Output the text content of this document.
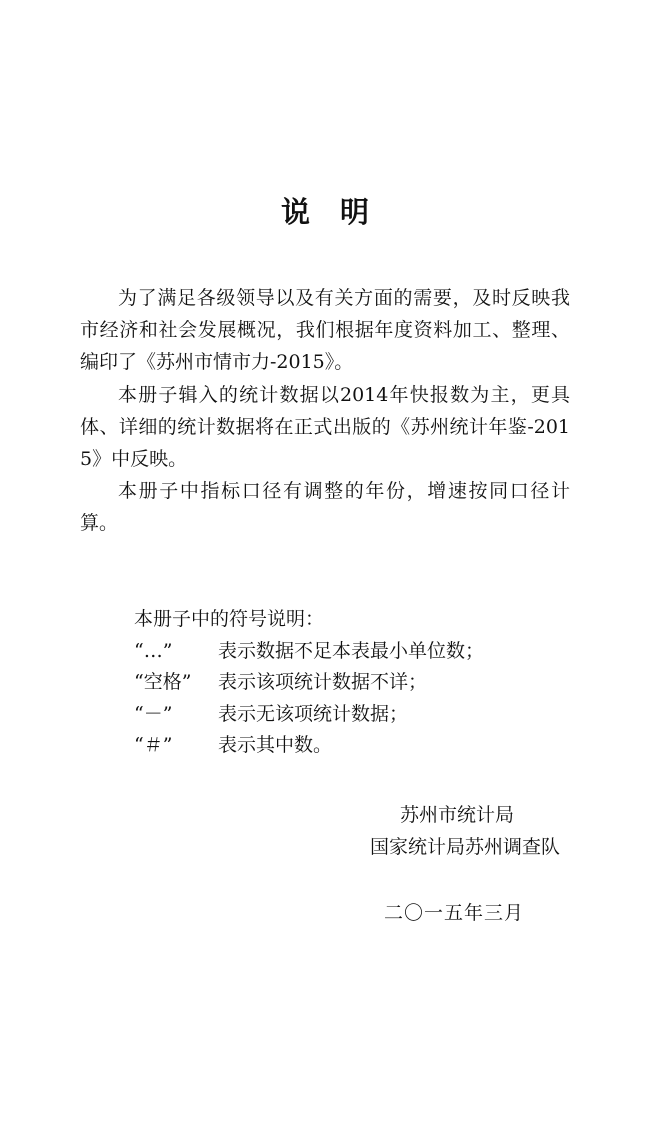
说明

为了满足各级领导以及有关方面的需要，及时反映我市经济和社会发展概况，我们根据年度资料加工、整理、编印了《苏州市情市力-2015》。

本册子辑入的统计数据以2014年快报数为主，更具体、详细的统计数据将在正式出版的《苏州统计年鉴-2015》中反映。

本册子中指标口径有调整的年份，增速按同口径计算。

本册子中的符号说明：

“…”	表示数据不足本表最小单位数；
“空格”	表示该项统计数据不详；
“－”	表示无该项统计数据；
“＃”	表示其中数。
苏州市统计局
国家统计局苏州调查队
二〇一五年三月
